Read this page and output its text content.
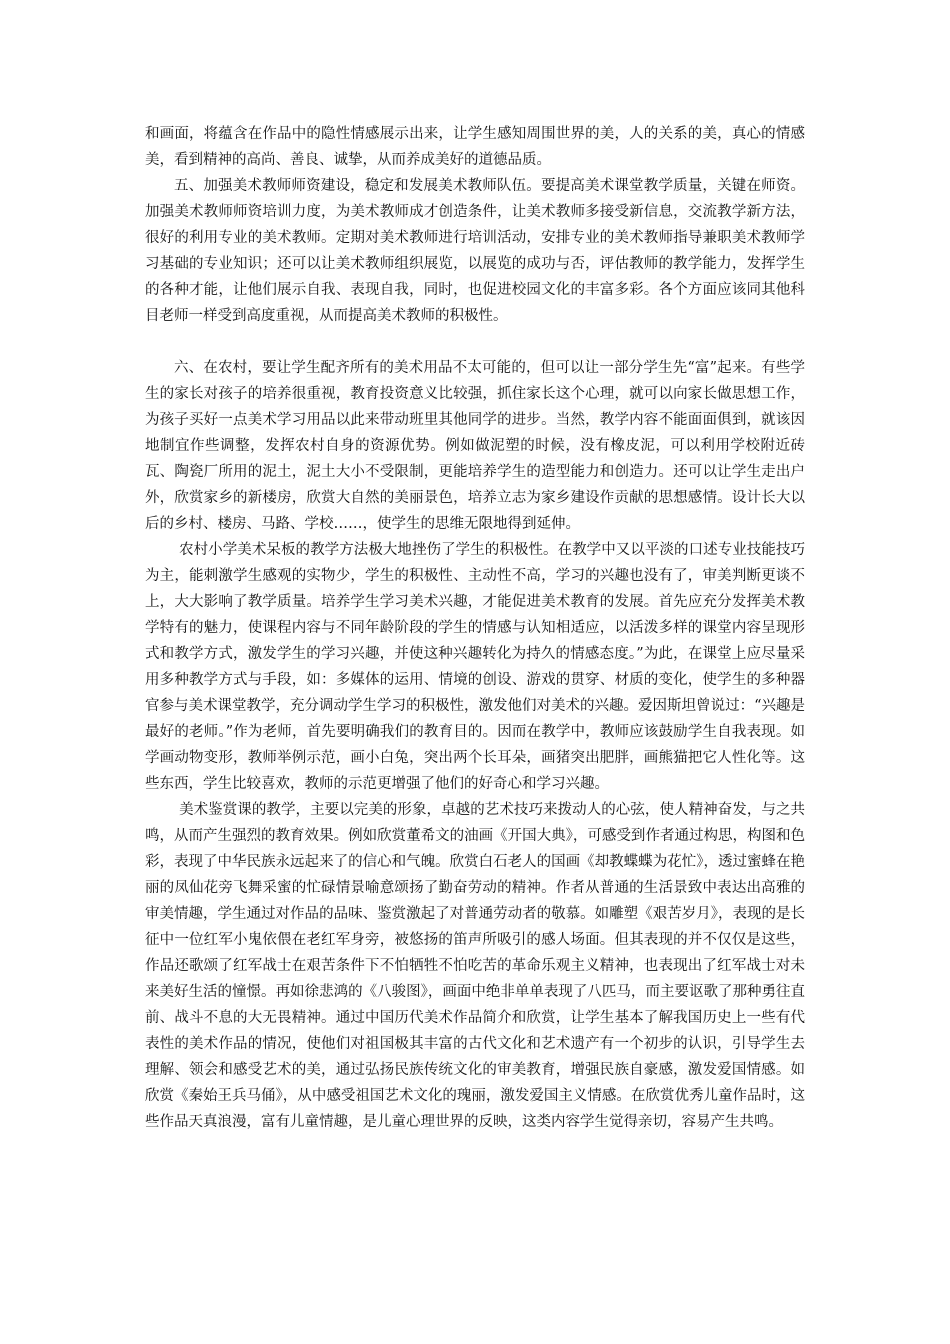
和画面，将蕴含在作品中的隐性情感展示出来，让学生感知周围世界的美，人的关系的美，真心的情感美，看到精神的高尚、善良、诚挚，从而养成美好的道德品质。

五、加强美术教师师资建设，稳定和发展美术教师队伍。要提高美术课堂教学质量，关键在师资。加强美术教师师资培训力度，为美术教师成才创造条件，让美术教师多接受新信息，交流教学新方法，很好的利用专业的美术教师。定期对美术教师进行培训活动，安排专业的美术教师指导兼职美术教师学习基础的专业知识；还可以让美术教师组织展览，以展览的成功与否，评估教师的教学能力，发挥学生的各种才能，让他们展示自我、表现自我，同时，也促进校园文化的丰富多彩。各个方面应该同其他科目老师一样受到高度重视，从而提高美术教师的积极性。

六、在农村，要让学生配齐所有的美术用品不太可能的，但可以让一部分学生先“富”起来。有些学生的家长对孩子的培养很重视，教育投资意义比较强，抓住家长这个心理，就可以向家长做思想工作，为孩子买好一点美术学习用品以此来带动班里其他同学的进步。当然，教学内容不能面面俱到，就该因地制宜作些调整，发挥农村自身的资源优势。例如做泥塑的时候，没有橡皮泥，可以利用学校附近砖瓦、陶瓷厂所用的泥土，泥土大小不受限制，更能培养学生的造型能力和创造力。还可以让学生走出户外，欣赏家乡的新楼房，欣赏大自然的美丽景色，培养立志为家乡建设作贡献的思想感情。设计长大以后的乡村、楼房、马路、学校……，使学生的思维无限地得到延伸。

农村小学美术呆板的教学方法极大地挫伤了学生的积极性。在教学中又以平淡的口述专业技能技巧为主，能刺激学生感观的实物少，学生的积极性、主动性不高，学习的兴趣也没有了，审美判断更谈不上，大大影响了教学质量。培养学生学习美术兴趣，才能促进美术教育的发展。首先应充分发挥美术教学特有的魅力，使课程内容与不同年龄阶段的学生的情感与认知相适应，以活泼多样的课堂内容呈现形式和教学方式，激发学生的学习兴趣，并使这种兴趣转化为持久的情感态度。”为此，在课堂上应尽量采用多种教学方式与手段，如：多媒体的运用、情境的创设、游戏的贯穿、材质的变化，使学生的多种器官参与美术课堂教学，充分调动学生学习的积极性，激发他们对美术的兴趣。爱因斯坦曾说过：“兴趣是最好的老师。”作为老师，首先要明确我们的教育目的。因而在教学中，教师应该鼓励学生自我表现。如学画动物变形，教师举例示范，画小白兔，突出两个长耳朵，画猪突出肥胖，画熊猫把它人性化等。这些东西，学生比较喜欢，教师的示范更增强了他们的好奇心和学习兴趣。

美术鉴赏课的教学，主要以完美的形象，卓越的艺术技巧来拨动人的心弦，使人精神奋发，与之共鸣，从而产生强烈的教育效果。例如欣赏董希文的油画《开国大典》，可感受到作者通过构思，构图和色彩，表现了中华民族永远起来了的信心和气魄。欣赏白石老人的国画《却教蝶蝶为花忙》，透过蜜蜂在艳丽的凤仙花旁飞舞采蜜的忙碌情景喻意颂扬了勤奋劳动的精神。作者从普通的生活景致中表达出高雅的审美情趣，学生通过对作品的品味、鉴赏激起了对普通劳动者的敬慕。如雕塑《艰苦岁月》，表现的是长征中一位红军小鬼依偎在老红军身旁，被悠扬的笛声所吸引的感人场面。但其表现的并不仅仅是这些，作品还歌颂了红军战士在艰苦条件下不怕牺牲不怕吃苦的革命乐观主义精神，也表现出了红军战士对未来美好生活的憧憬。再如徐悲鸿的《八骏图》，画面中绝非单单表现了八匹马，而主要讴歌了那种勇往直前、战斗不息的大无畏精神。通过中国历代美术作品简介和欣赏，让学生基本了解我国历史上一些有代表性的美术作品的情况，使他们对祖国极其丰富的古代文化和艺术遗产有一个初步的认识，引导学生去理解、领会和感受艺术的美，通过弘扬民族传统文化的审美教育，增强民族自豪感，激发爱国情感。如欣赏《秦始王兵马俑》，从中感受祖国艺术文化的瑰丽，激发爱国主义情感。在欣赏优秀儿童作品时，这些作品天真浪漫，富有儿童情趣，是儿童心理世界的反映，这类内容学生觉得亲切，容易产生共鸣。
